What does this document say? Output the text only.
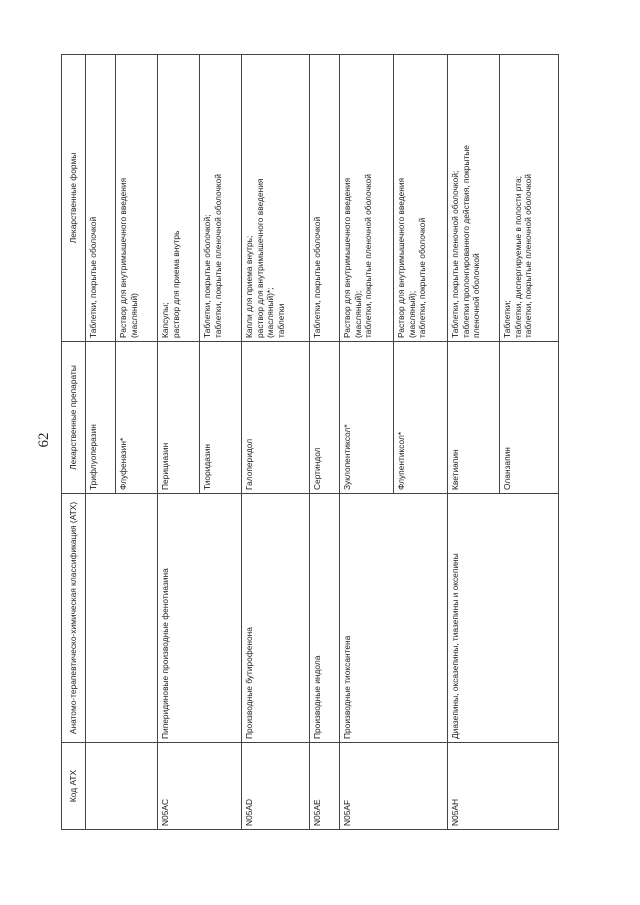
62
Код АТХ	Анатомо-терапевтическо-химическая классификация (АТХ)	Лекарственные препараты	Лекарственные формы
		Трифлуоперазин	Таблетки, покрытые оболочкой
		Флуфеназин*	Раствор для внутримышечного введения
(масляный)
N05AC	Пиперидиновые производные фенотиазина	Перициазин	Капсулы;
раствор для приема внутрь
		Тиоридазин	Таблетки, покрытые оболочкой;
таблетки, покрытые пленочной оболочкой
N05AD	Производные бутирофенона	Галоперидол	Капли для приема внутрь;
раствор для внутримышечного введения
(масляный)*;
таблетки
N05AE	Производные индола	Сертиндол	Таблетки, покрытые оболочкой
N05AF	Производные тиоксантена	Зуклопентиксол*	Раствор для внутримышечного введения
(масляный);
таблетки, покрытые пленочной оболочкой
		Флупентиксол*	Раствор для внутримышечного введения
(масляный);
таблетки, покрытые оболочкой
N05AH	Диазепины, оксазепины, тиазепины и оксепины	Кветиапин	Таблетки, покрытые пленочной оболочкой;
таблетки пролонгированного действия, покрытые
пленочной оболочкой
		Оланзапин	Таблетки;
таблетки, диспергируемые в полости рта;
таблетки, покрытые пленочной оболочкой
